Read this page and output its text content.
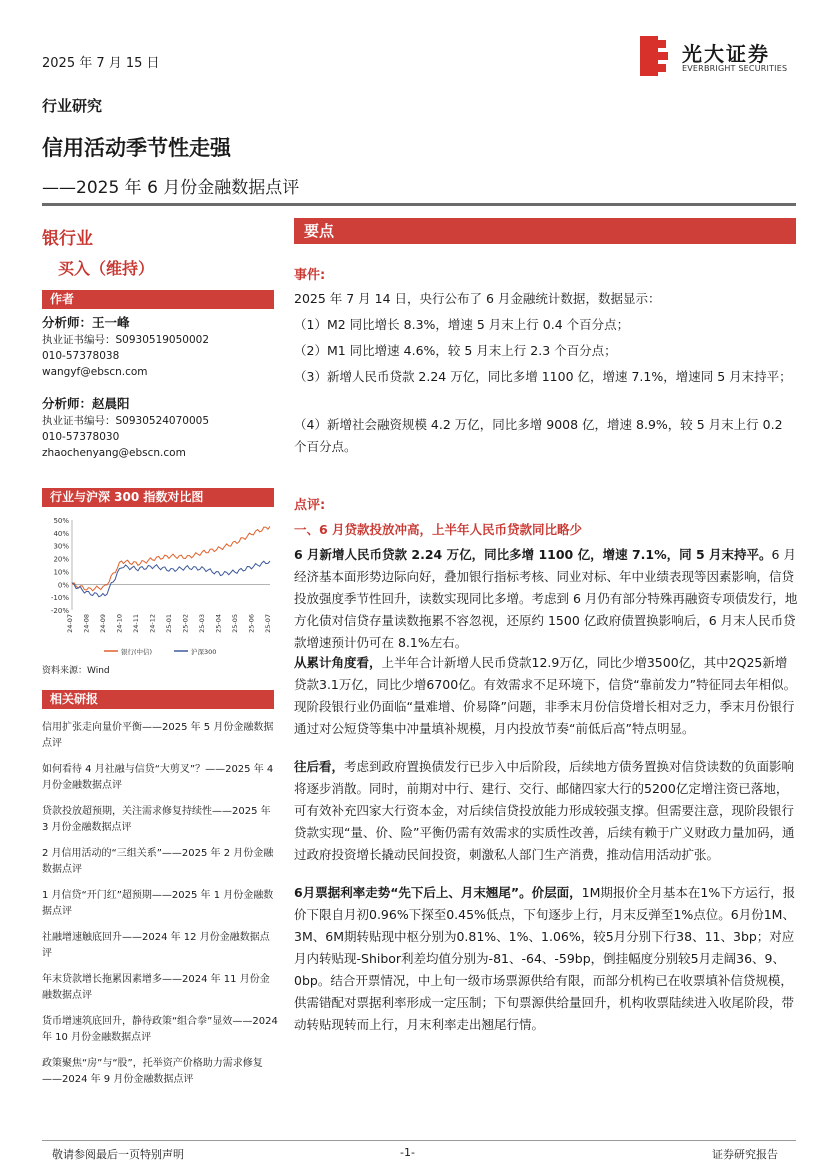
2025 年 7 月 15 日	光大证券
EVERBRIGHT SECURITIES
行业研究
信用活动季节性走强
——2025 年 6 月份金融数据点评
银行业
买入（维持）
作者
分析师：王一峰
执业证书编号：S0930519050002
010-57378038
wangyf@ebscn.com
分析师：赵晨阳
执业证书编号：S0930524070005
010-57378030
zhaochenyang@ebscn.com
行业与沪深 300 指数对比图
50%
40%
30%
20%
10%
0%
-10%
-20%
24-07 24-08 24-09 24-10 24-11 24-12 25-01 25-02 25-03 25-04 25-05 25-06 25-07
银行(中信)	沪深300
资料来源：Wind
相关研报
信用扩张走向量价平衡——2025 年 5 月份金融数据点评
如何看待 4 月社融与信贷“大剪叉”？——2025 年 4 月份金融数据点评
贷款投放超预期，关注需求修复持续性——2025 年 3 月份金融数据点评
2 月信用活动的“三组关系”——2025 年 2 月份金融数据点评
1 月信贷“开门红”超预期——2025 年 1 月份金融数据点评
社融增速触底回升——2024 年 12 月份金融数据点评
年末贷款增长拖累因素增多——2024 年 11 月份金融数据点评
货币增速筑底回升，静待政策“组合拳”显效——2024 年 10 月份金融数据点评
政策聚焦“房”与“股”，托举资产价格助力需求修复——2024 年 9 月份金融数据点评
要点
事件:
2025 年 7 月 14 日，央行公布了 6 月金融统计数据，数据显示：
（1）M2 同比增长 8.3%，增速 5 月末上行 0.4 个百分点；
（2）M1 同比增速 4.6%，较 5 月末上行 2.3 个百分点；
（3）新增人民币贷款 2.24 万亿，同比多增 1100 亿，增速 7.1%，增速同 5 月末持平；
（4）新增社会融资规模 4.2 万亿，同比多增 9008 亿，增速 8.9%，较 5 月末上行 0.2 个百分点。
点评:
一、6 月贷款投放冲高，上半年人民币贷款同比略少
6 月新增人民币贷款 2.24 万亿，同比多增 1100 亿，增速 7.1%，同 5 月末持平。6 月经济基本面形势边际向好，叠加银行指标考核、同业对标、年中业绩表现等因素影响，信贷投放强度季节性回升，读数实现同比多增。考虑到 6 月仍有部分特殊再融资专项债发行，地方化债对信贷存量读数拖累不容忽视，还原约 1500 亿政府债置换影响后，6 月末人民币贷款增速预计仍可在 8.1%左右。
从累计角度看，上半年合计新增人民币贷款12.9万亿，同比少增3500亿，其中2Q25新增贷款3.1万亿，同比少增6700亿。有效需求不足环境下，信贷“靠前发力”特征同去年相似。现阶段银行业仍面临“量难增、价易降”问题，非季末月份信贷增长相对乏力，季末月份银行通过对公短贷等集中冲量填补规模，月内投放节奏“前低后高”特点明显。
往后看，考虑到政府置换债发行已步入中后阶段，后续地方债务置换对信贷读数的负面影响将逐步消散。同时，前期对中行、建行、交行、邮储四家大行的5200亿定增注资已落地，可有效补充四家大行资本金，对后续信贷投放能力形成较强支撑。但需要注意，现阶段银行贷款实现“量、价、险”平衡仍需有效需求的实质性改善，后续有赖于广义财政力量加码，通过政府投资增长撬动民间投资，刺激私人部门生产消费，推动信用活动扩张。
6月票据利率走势“先下后上、月末翘尾”。价层面，1M期报价全月基本在1%下方运行，报价下限自月初0.96%下探至0.45%低点，下旬逐步上行，月末反弹至1%点位。6月份1M、3M、6M期转贴现中枢分别为0.81%、1%、1.06%，较5月分别下行38、11、3bp；对应月内转贴现-Shibor利差均值分别为-81、-64、-59bp，倒挂幅度分别较5月走阔36、9、0bp。结合开票情况，中上旬一级市场票源供给有限，而部分机构已在收票填补信贷规模，供需错配对票据利率形成一定压制；下旬票源供给量回升，机构收票陆续进入收尾阶段，带动转贴现转而上行，月末利率走出翘尾行情。
敬请参阅最后一页特别声明	-1-	证券研究报告
